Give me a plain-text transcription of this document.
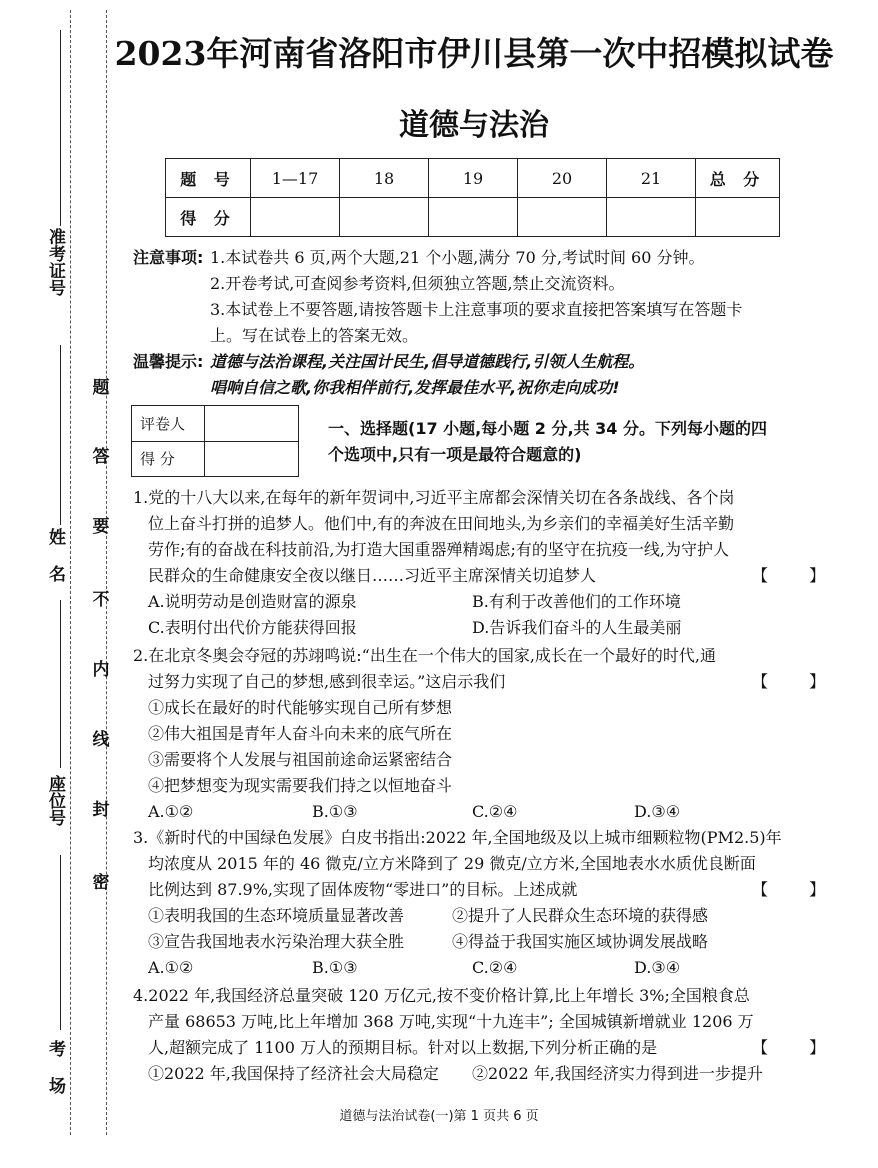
准考证号
姓名
座位号
考场
密
封
线
内
不
要
答
题
2023年河南省洛阳市伊川县第一次中招模拟试卷
道德与法治
题 号	1—17	18	19	20	21	总 分
得 分						
注意事项: 1.本试卷共 6 页,两个大题,21 个小题,满分 70 分,考试时间 60 分钟。
2.开卷考试,可查阅参考资料,但须独立答题,禁止交流资料。
3.本试卷上不要答题,请按答题卡上注意事项的要求直接把答案填写在答题卡
上。写在试卷上的答案无效。
温馨提示: 道德与法治课程,关注国计民生,倡导道德践行,引领人生航程。
唱响自信之歌,你我相伴前行,发挥最佳水平,祝你走向成功!
评卷人	
得 分	
一、选择题(17 小题,每小题 2 分,共 34 分。下列每小题的四
个选项中,只有一项是最符合题意的)
1.党的十八大以来,在每年的新年贺词中,习近平主席都会深情关切在各条战线、各个岗
位上奋斗打拼的追梦人。他们中,有的奔波在田间地头,为乡亲们的幸福美好生活辛勤
劳作;有的奋战在科技前沿,为打造大国重器殚精竭虑;有的坚守在抗疫一线,为守护人
民群众的生命健康安全夜以继日……习近平主席深情关切追梦人	【 】
A.说明劳动是创造财富的源泉	B.有利于改善他们的工作环境
C.表明付出代价方能获得回报	D.告诉我们奋斗的人生最美丽
2.在北京冬奥会夺冠的苏翊鸣说:“出生在一个伟大的国家,成长在一个最好的时代,通
过努力实现了自己的梦想,感到很幸运。”这启示我们	【 】
①成长在最好的时代能够实现自己所有梦想
②伟大祖国是青年人奋斗向未来的底气所在
③需要将个人发展与祖国前途命运紧密结合
④把梦想变为现实需要我们持之以恒地奋斗
A.①②	B.①③	C.②④	D.③④
3.《新时代的中国绿色发展》白皮书指出:2022 年,全国地级及以上城市细颗粒物(PM2.5)年
均浓度从 2015 年的 46 微克/立方米降到了 29 微克/立方米,全国地表水水质优良断面
比例达到 87.9%,实现了固体废物“零进口”的目标。上述成就	【 】
①表明我国的生态环境质量显著改善	②提升了人民群众生态环境的获得感
③宣告我国地表水污染治理大获全胜	④得益于我国实施区域协调发展战略
A.①②	B.①③	C.②④	D.③④
4.2022 年,我国经济总量突破 120 万亿元,按不变价格计算,比上年增长 3%;全国粮食总
产量 68653 万吨,比上年增加 368 万吨,实现“十九连丰”; 全国城镇新增就业 1206 万
人,超额完成了 1100 万人的预期目标。针对以上数据,下列分析正确的是	【 】
①2022 年,我国保持了经济社会大局稳定 ②2022 年,我国经济实力得到进一步提升
道德与法治试卷(一)第 1 页共 6 页
